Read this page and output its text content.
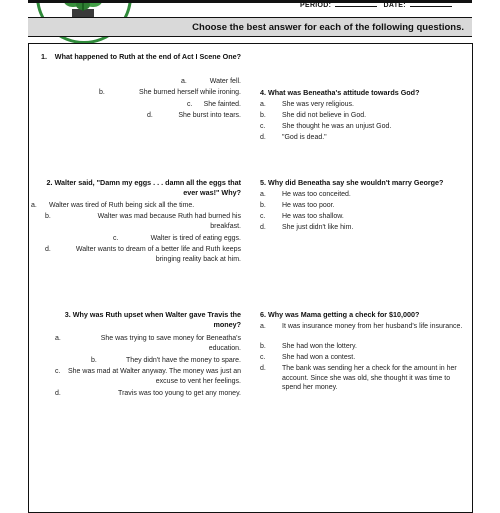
PERIOD:	DATE:
Choose the best answer for each of the following questions.
1. What happened to Ruth at the end of Act I Scene One?
a.	Water fell.
b.	She burned herself while ironing.
c.	She fainted.
d.	She burst into tears.
4. What was Beneatha's attitude towards God?
a.	She was very religious.
b.	She did not believe in God.
c.	She thought he was an unjust God.
d.	"God is dead."
2. Walter said, "Damn my eggs . . . damn all the eggs that ever was!" Why?
a.	Walter was tired of Ruth being sick all the time.
b.	Walter was mad because Ruth had burned his breakfast.
c.	Walter is tired of eating eggs.
d.	Walter wants to dream of a better life and Ruth keeps bringing reality back at him.
5. Why did Beneatha say she wouldn't marry George?
a.	He was too conceited.
b.	He was too poor.
c.	He was too shallow.
d.	She just didn't like him.
3. Why was Ruth upset when Walter gave Travis the money?
a.	She was trying to save money for Beneatha's education.
b.	They didn't have the money to spare.
c.	She was mad at Walter anyway. The money was just an excuse to vent her feelings.
d.	Travis was too young to get any money.
6. Why was Mama getting a check for $10,000?
a.	It was insurance money from her husband's life insurance.
b.	She had won the lottery.
c.	She had won a contest.
d.	The bank was sending her a check for the amount in her account. Since she was old, she thought it was time to spend her money.
